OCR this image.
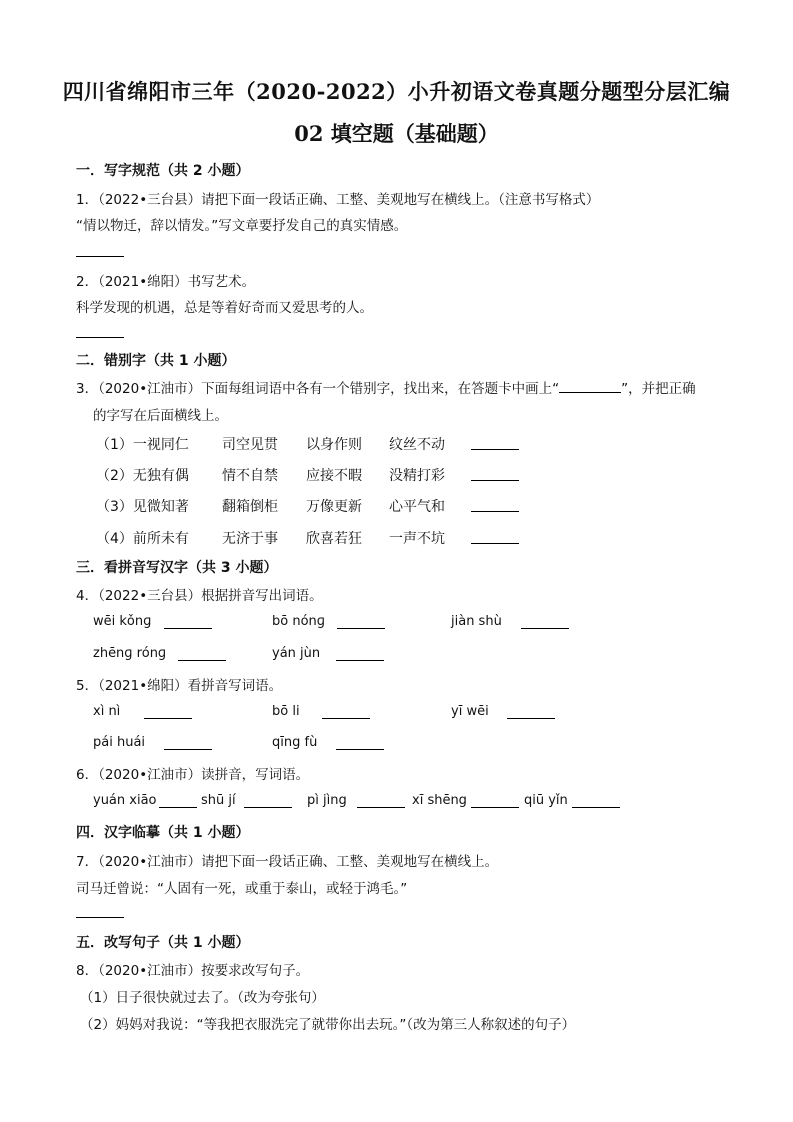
四川省绵阳市三年（2020-2022）小升初语文卷真题分题型分层汇编
02 填空题（基础题）
一．写字规范（共 2 小题）
1．（2022•三台县）请把下面一段话正确、工整、美观地写在横线上。（注意书写格式）
“情以物迁，辞以情发。”写文章要抒发自己的真实情感。
2．（2021•绵阳）书写艺术。
科学发现的机遇，总是等着好奇而又爱思考的人。
二．错别字（共 1 小题）
3．（2020•江油市）下面每组词语中各有一个错别字，找出来，在答题卡中画上“	”，并把正确
的字写在后面横线上。
（1）一视同仁 司空见贯 以身作则 纹丝不动
（2）无独有偶 情不自禁 应接不暇 没精打彩
（3）见微知著 翻箱倒柜 万像更新 心平气和
（4）前所未有 无济于事 欣喜若狂 一声不坑
三．看拼音写汉字（共 3 小题）
4．（2022•三台县）根据拼音写出词语。
wēi kǒnɡ	bō nónɡ	jiàn shù
zhēnɡ rónɡ	yán jùn
5．（2021•绵阳）看拼音写词语。
xì nì	bō li	yī wēi
pái huái	qīng fù
6．（2020•江油市）读拼音，写词语。
yuán xiāo	shū jí	pì jìng	xī shēng	qiū yǐn
四．汉字临摹（共 1 小题）
7．（2020•江油市）请把下面一段话正确、工整、美观地写在横线上。
司马迁曾说：“人固有一死，或重于泰山，或轻于鸿毛。”
五．改写句子（共 1 小题）
8．（2020•江油市）按要求改写句子。
（1）日子很快就过去了。（改为夸张句）
（2）妈妈对我说：“等我把衣服洗完了就带你出去玩。”（改为第三人称叙述的句子）
